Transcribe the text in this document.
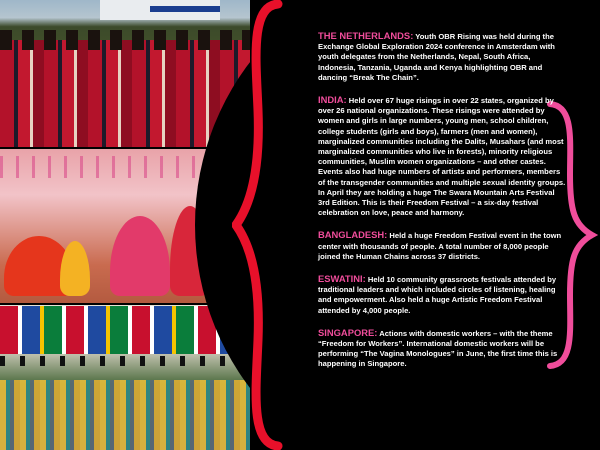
THE NETHERLANDS: Youth OBR Rising was held during the Exchange Global Exploration 2024 conference in Amsterdam with youth delegates from the Netherlands, Nepal, South Africa, Indonesia, Tanzania, Uganda and Kenya highlighting OBR and dancing “Break The Chain”.

INDIA: Held over 67 huge risings in over 22 states, organized by over 26 national organizations. These risings were attended by women and girls in large numbers, young men, school children, college students (girls and boys), farmers (men and women), marginalized communities including the Dalits, Musahars (and most marginalized communities who live in forests), minority religious communities, Muslim women organizations – and other castes. Events also had huge numbers of artists and performers, members of the transgender communities and multiple sexual identity groups. In April they are holding a huge The Swara Mountain Arts Festival 3rd Edition. This is their Freedom Festival – a six-day festival celebration on love, peace and harmony.

BANGLADESH: Held a huge Freedom Festival event in the town center with thousands of people. A total number of 8,000 people joined the Human Chains across 37 districts.

ESWATINI: Held 10 community grassroots festivals attended by traditional leaders and which included circles of listening, healing and empowerment. Also held a huge Artistic Freedom Festival attended by 4,000 people.

SINGAPORE: Actions with domestic workers – with the theme “Freedom for Workers”. International domestic workers will be performing “The Vagina Monologues” in June, the first time this is happening in Singapore.
